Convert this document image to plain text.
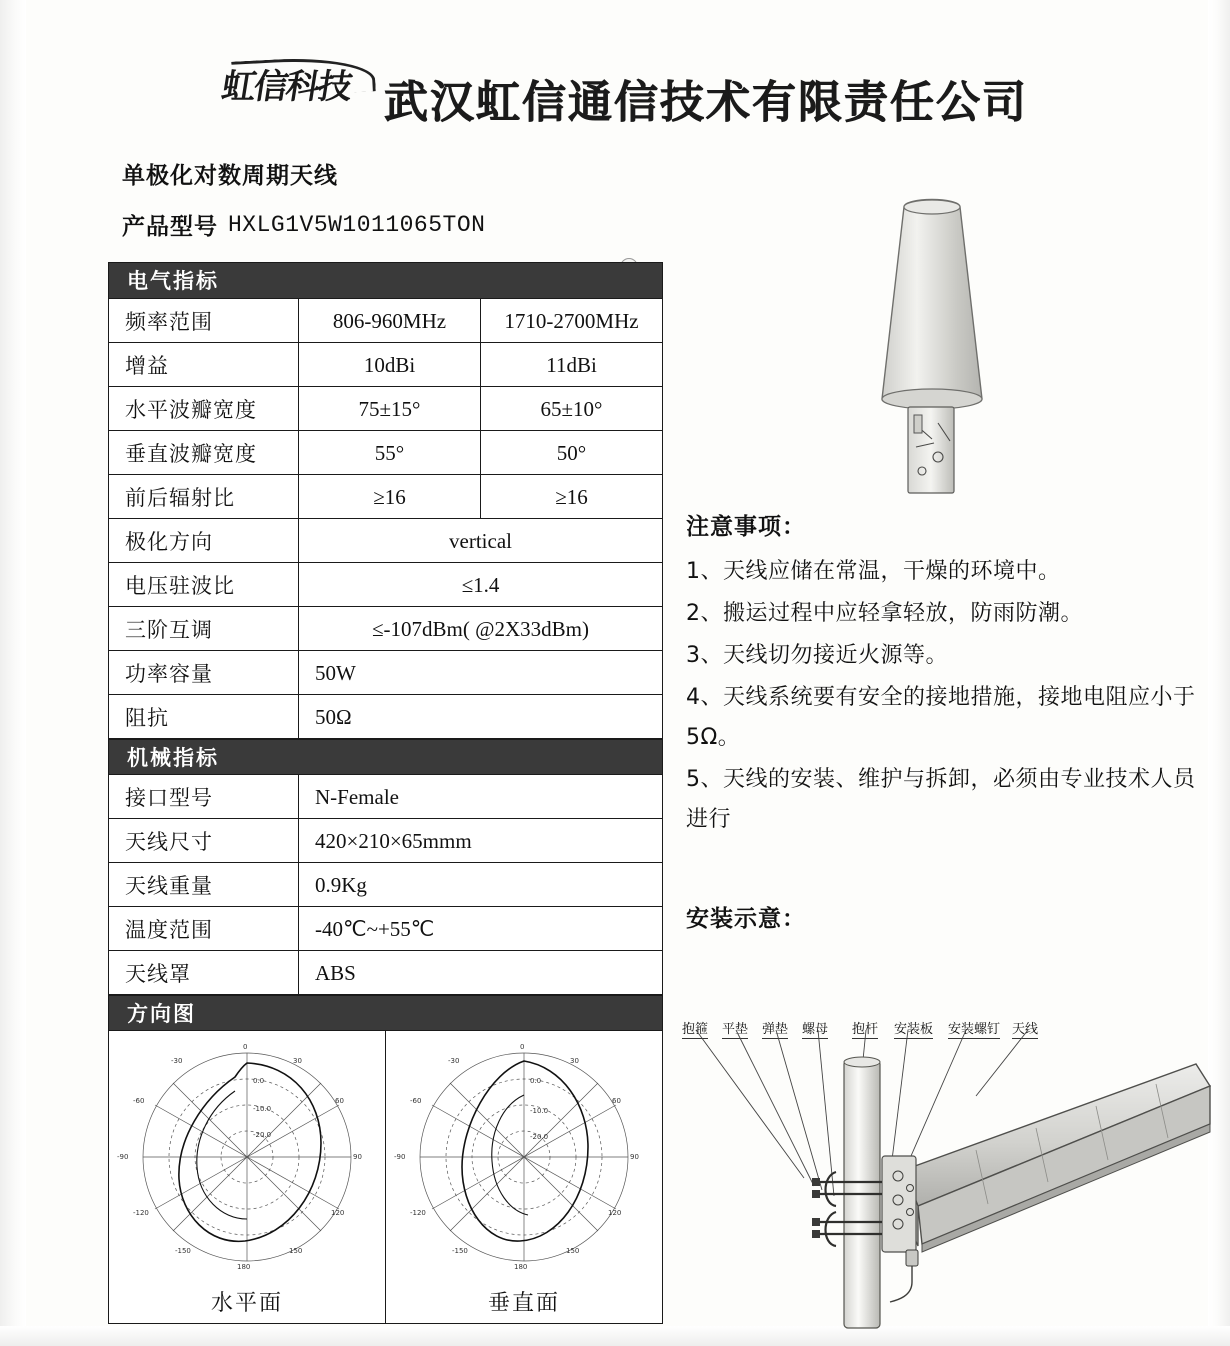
虹信科技 武汉虹信通信技术有限责任公司
单极化对数周期天线
产品型号 HXLG1V5W1011065TON
电气指标
频率范围	806-960MHz	1710-2700MHz
增益	10dBi	11dBi
水平波瓣宽度	75±15°	65±10°
垂直波瓣宽度	55°	50°
前后辐射比	≥16	≥16
极化方向	vertical
电压驻波比	≤1.4
三阶互调	≤-107dBm( @2X33dBm)
功率容量	50W
阻抗	50Ω
机械指标
接口型号	N-Female
天线尺寸	420×210×65mmm
天线重量	0.9Kg
温度范围	-40℃~+55℃
天线罩	ABS
方向图
0
30
60
90
120
150
180
-150
-120
-90
-60
-30
0.0
-10.0
-20.0
水平面
0
30
60
90
120
150
180
-150
-120
-90
-60
-30
0.0
-10.0
-20.0
垂直面
注意事项：
1、天线应储在常温，干燥的环境中。
2、搬运过程中应轻拿轻放，防雨防潮。
3、天线切勿接近火源等。
4、天线系统要有安全的接地措施，接地电阻应小于5Ω。
5、天线的安装、维护与拆卸，必须由专业技术人员进行
安装示意：
抱箍 平垫 弹垫 螺母 抱杆 安装板 安装螺钉 天线
